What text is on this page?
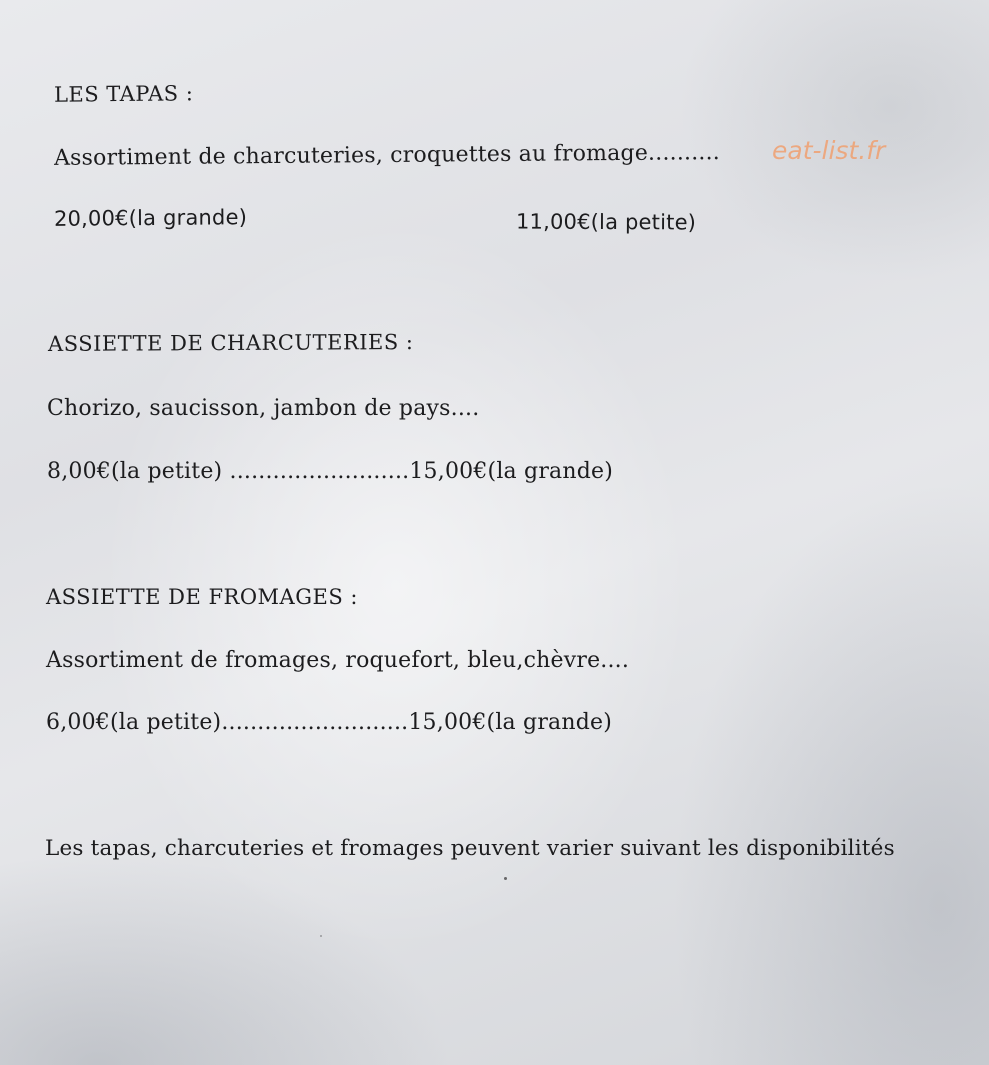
LES TAPAS :
Assortiment de charcuteries, croquettes au fromage.......... eat-list.fr
20,00€(la grande)	11,00€(la petite)
ASSIETTE DE CHARCUTERIES :
Chorizo, saucisson, jambon de pays....
8,00€(la petite) .........................15,00€(la grande)
ASSIETTE DE FROMAGES :
Assortiment de fromages, roquefort, bleu,chèvre....
6,00€(la petite)..........................15,00€(la grande)
Les tapas, charcuteries et fromages peuvent varier suivant les disponibilités
